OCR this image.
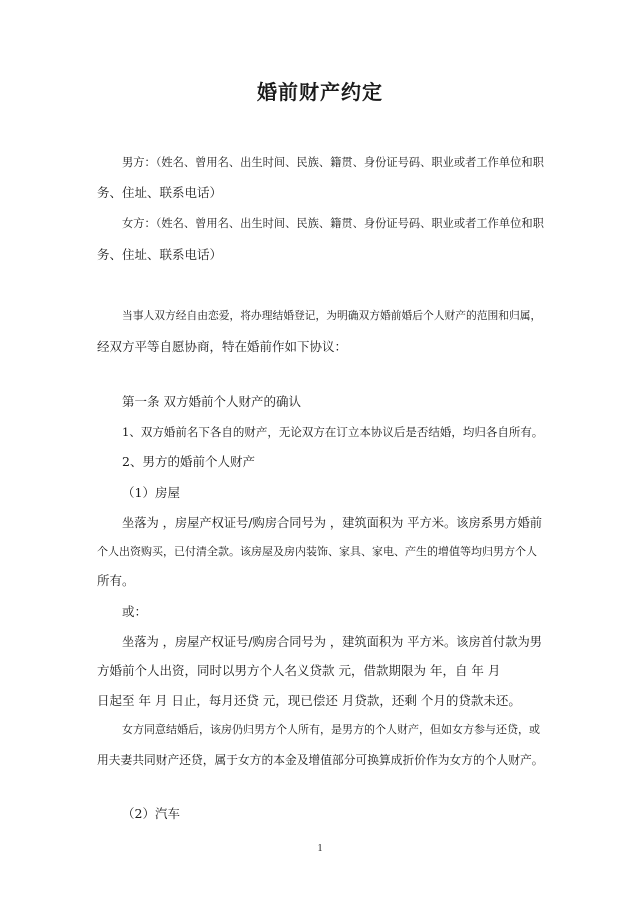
婚前财产约定
男方：（姓名、曾用名、出生时间、民族、籍贯、身份证号码、职业或者工作单位和职
务、住址、联系电话）
女方：（姓名、曾用名、出生时间、民族、籍贯、身份证号码、职业或者工作单位和职
务、住址、联系电话）
当事人双方经自由恋爱，将办理结婚登记，为明确双方婚前婚后个人财产的范围和归属，
经双方平等自愿协商，特在婚前作如下协议：
第一条 双方婚前个人财产的确认
1、双方婚前名下各自的财产，无论双方在订立本协议后是否结婚，均归各自所有。
2、男方的婚前个人财产
（1）房屋
坐落为 ，房屋产权证号/购房合同号为 ，建筑面积为 平方米。该房系男方婚前
个人出资购买，已付清全款。该房屋及房内装饰、家具、家电、产生的增值等均归男方个人
所有。
或：
坐落为 ，房屋产权证号/购房合同号为 ，建筑面积为 平方米。该房首付款为男
方婚前个人出资，同时以男方个人名义贷款 元，借款期限为 年，自 年 月
日起至 年 月 日止，每月还贷 元，现已偿还 月贷款，还剩 个月的贷款未还。
女方同意结婚后，该房仍归男方个人所有，是男方的个人财产，但如女方参与还贷，或
用夫妻共同财产还贷，属于女方的本金及增值部分可换算成折价作为女方的个人财产。
（2）汽车
1
